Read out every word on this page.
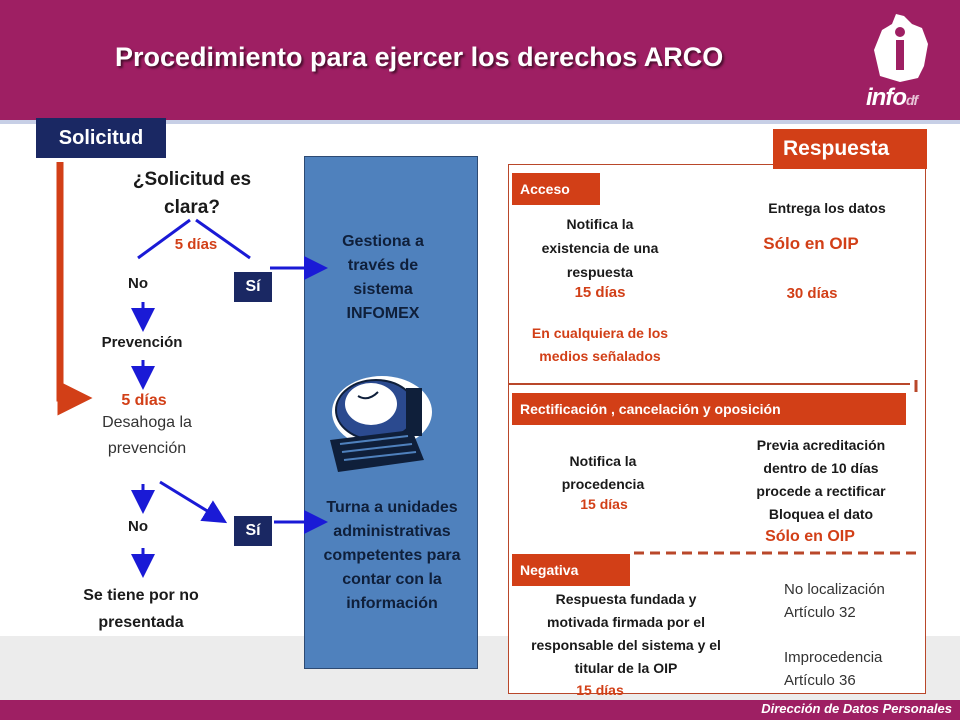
Procedimiento para ejercer los derechos ARCO
infodf
Solicitud
¿Solicitud es
clara?
5 días
No	Sí
Prevención
5 días
Desahoga la
prevención
No	Sí
Se tiene por no
presentada
Gestiona a
través de
sistema
INFOMEX
Turna a unidades
administrativas
competentes para
contar con la
información
Respuesta
Acceso
Notifica la
existencia de una
respuesta
15 días
En cualquiera de los
medios señalados
Entrega los datos
Sólo en OIP
30 días
Rectificación , cancelación y oposición
Notifica la
procedencia
15 días
Previa acreditación
dentro de 10 días
procede a rectificar
Bloquea el dato
Sólo en OIP
Negativa
Respuesta fundada y
motivada firmada por el
responsable del sistema y el
titular de la OIP
15 días
No localización
Artículo 32
Improcedencia
Artículo 36
Dirección de Datos Personales
